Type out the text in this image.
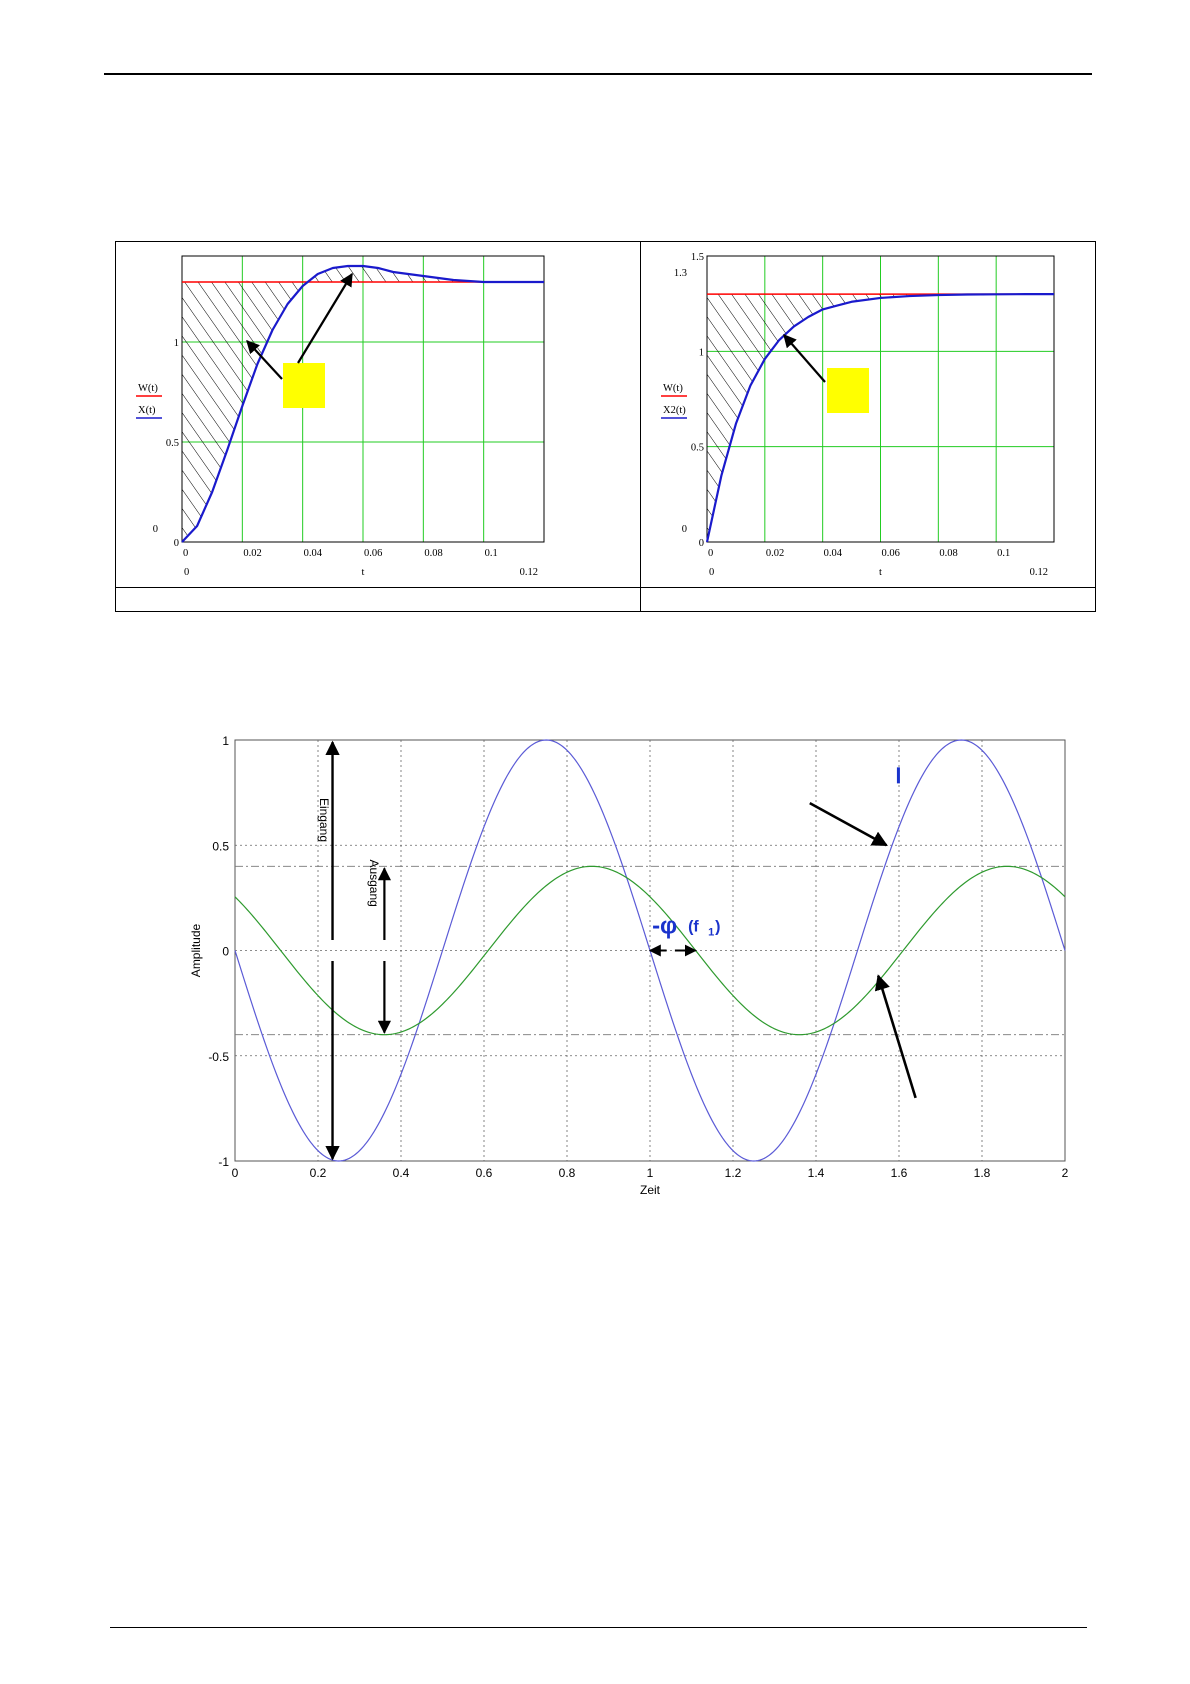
0	0.02	0.04	0.06	0.08	0.1
0
0.5
1
0	0.12
t
0
W(t)
X(t)
0	0.02	0.04	0.06	0.08	0.1
0
0.5
1
1.5
0	0.12
t
1.3
0
W(t)
X2(t)
0	0.2	0.4	0.6	0.8	1	1.2	1.4	1.6	1.8	2
-1
-0.5
0
0.5
1
Zeit
Amplitude
Eingang
Ausgang
-φ (f 1 )
